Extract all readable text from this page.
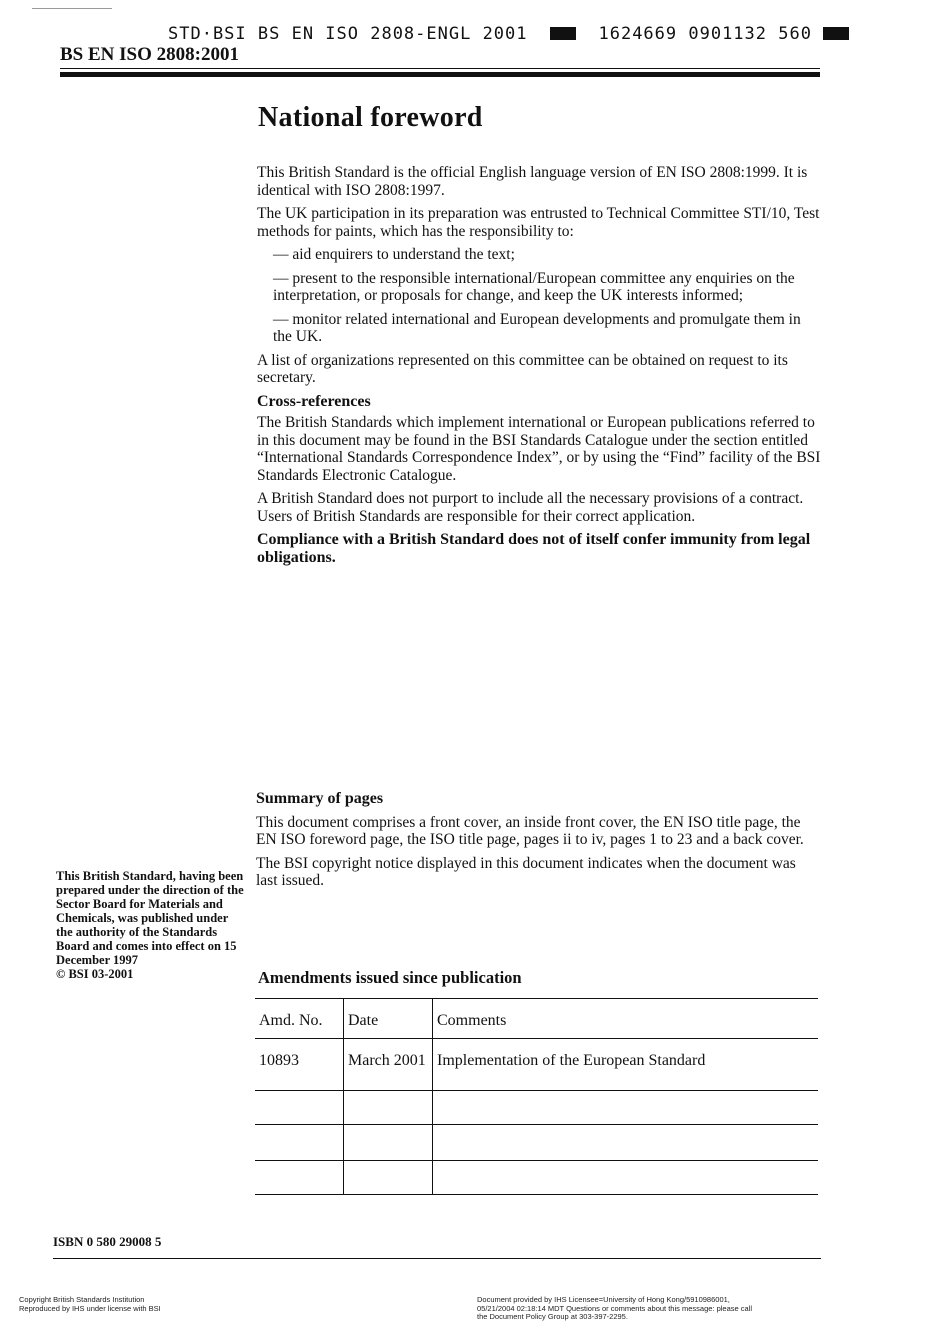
STD·BSI BS EN ISO 2808-ENGL 2001	1624669 0901132 560
BS EN ISO 2808:2001
National foreword

This British Standard is the official English language version of EN ISO 2808:1999. It is identical with ISO 2808:1997.

The UK participation in its preparation was entrusted to Technical Committee STI/10, Test methods for paints, which has the responsibility to:

— aid enquirers to understand the text;

— present to the responsible international/European committee any enquiries on the interpretation, or proposals for change, and keep the UK interests informed;

— monitor related international and European developments and promulgate them in the UK.

A list of organizations represented on this committee can be obtained on request to its secretary.

Cross-references

The British Standards which implement international or European publications referred to in this document may be found in the BSI Standards Catalogue under the section entitled “International Standards Correspondence Index”, or by using the “Find” facility of the BSI Standards Electronic Catalogue.

A British Standard does not purport to include all the necessary provisions of a contract. Users of British Standards are responsible for their correct application.

Compliance with a British Standard does not of itself confer immunity from legal obligations.

Summary of pages

This document comprises a front cover, an inside front cover, the EN ISO title page, the EN ISO foreword page, the ISO title page, pages ii to iv, pages 1 to 23 and a back cover.

The BSI copyright notice displayed in this document indicates when the document was last issued.

This British Standard, having been prepared under the direction of the Sector Board for Materials and Chemicals, was published under the authority of the Standards Board and comes into effect on 15 December 1997

© BSI 03-2001	Amendments issued since publication
Amd. No.	Date	Comments
10893	March 2001	Implementation of the European Standard

ISBN 0 580 29008 5
Copyright British Standards Institution
Reproduced by IHS under license with BSI
Document provided by IHS Licensee=University of Hong Kong/5910986001,
05/21/2004 02:18:14 MDT Questions or comments about this message: please call
the Document Policy Group at 303-397-2295.
